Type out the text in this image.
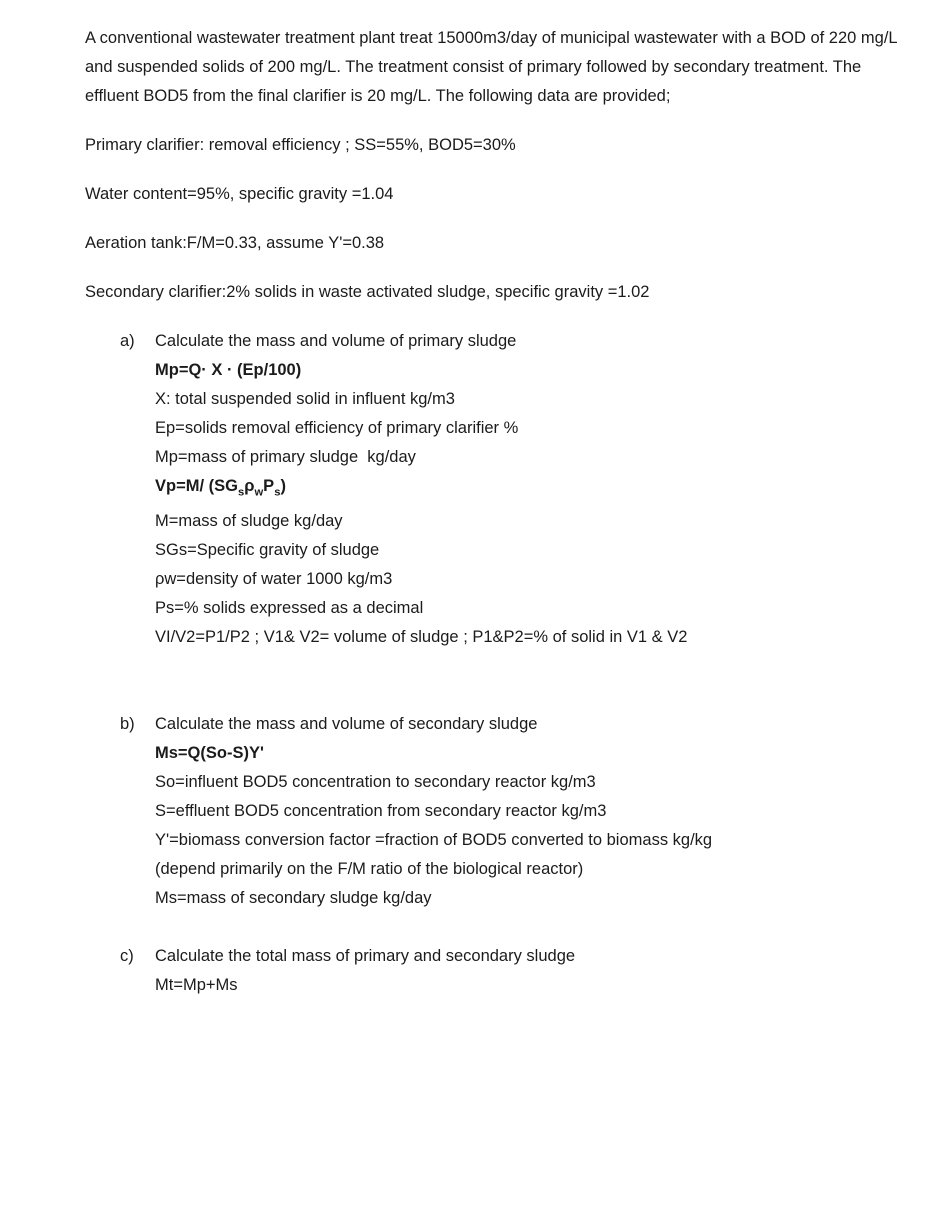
A conventional wastewater treatment plant treat 15000m3/day of municipal wastewater with a BOD of 220 mg/L and suspended solids of 200 mg/L. The treatment consist of primary followed by secondary treatment. The effluent BOD5 from the final clarifier is 20 mg/L. The following data are provided;

Primary clarifier: removal efficiency ; SS=55%, BOD5=30%

Water content=95%, specific gravity =1.04

Aeration tank:F/M=0.33, assume Y'=0.38

Secondary clarifier:2% solids in waste activated sludge, specific gravity =1.02

a)	Calculate the mass and volume of primary sludge

Mp=Q· X · (Ep/100)

X: total suspended solid in influent kg/m3

Ep=solids removal efficiency of primary clarifier %

Mp=mass of primary sludge  kg/day

Vp=M/ $(SG_s\rho_wP_s)$

M=mass of sludge kg/day

SGs=Specific gravity of sludge

ρw=density of water 1000 kg/m3

Ps=% solids expressed as a decimal

VI/V2=P1/P2 ; V1& V2= volume of sludge ; P1&P2=% of solid in V1 & V2

b)	Calculate the mass and volume of secondary sludge

Ms=Q(So-S)Y'

So=influent BOD5 concentration to secondary reactor kg/m3

S=effluent BOD5 concentration from secondary reactor kg/m3

Y'=biomass conversion factor =fraction of BOD5 converted to biomass kg/kg

(depend primarily on the F/M ratio of the biological reactor)

Ms=mass of secondary sludge kg/day

c)	Calculate the total mass of primary and secondary sludge

Mt=Mp+Ms
